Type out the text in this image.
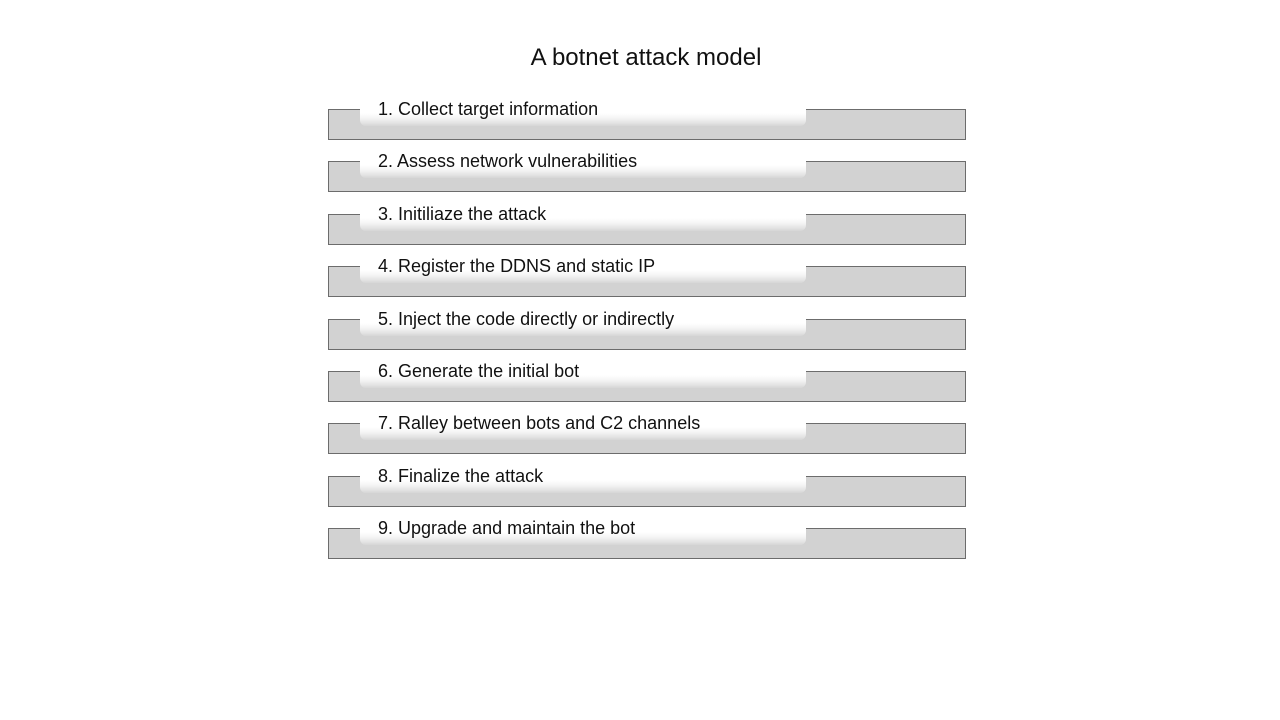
A botnet attack model
1. Collect target information
2. Assess network vulnerabilities
3. Initiliaze the attack
4. Register the DDNS and static IP
5. Inject the code directly or indirectly
6. Generate the initial bot
7. Ralley between bots and C2 channels
8. Finalize the attack
9. Upgrade and maintain the bot
